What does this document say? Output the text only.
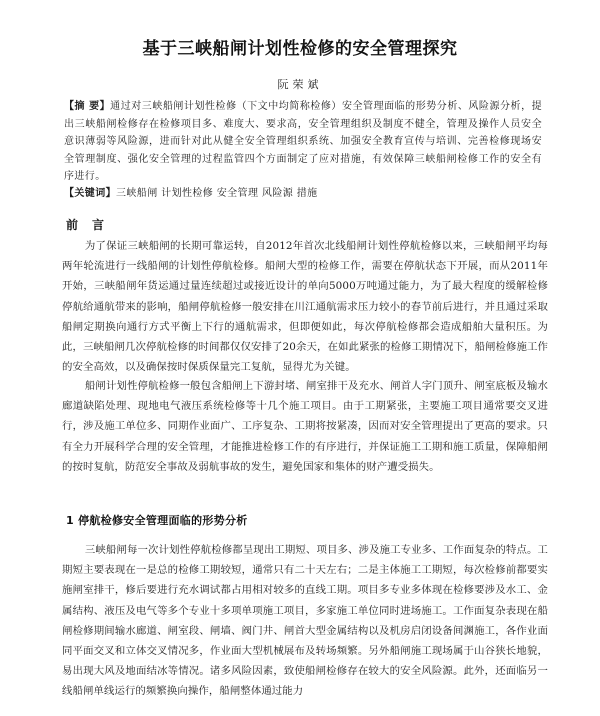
基于三峡船闸计划性检修的安全管理探究
阮荣斌
【摘 要】通过对三峡船闸计划性检修（下文中均简称检修）安全管理面临的形势分析、风险源分析，提出三峡船闸检修存在检修项目多、难度大、要求高，安全管理组织及制度不健全，管理及操作人员安全意识薄弱等风险源，进而针对此从健全安全管理组织系统、加强安全教育宣传与培训、完善检修现场安全管理制度、强化安全管理的过程监管四个方面制定了应对措施，有效保障三峡船闸检修工作的安全有序进行。
【关键词】三峡船闸 计划性检修 安全管理 风险源 措施
前言

为了保证三峡船闸的长期可靠运转，自2012年首次北线船闸计划性停航检修以来，三峡船闸平均每两年轮流进行一线船闸的计划性停航检修。船闸大型的检修工作，需要在停航状态下开展，而从2011年开始，三峡船闸年货运通过量连续超过或接近设计的单向5000万吨通过能力，为了最大程度的缓解检修停航给通航带来的影响，船闸停航检修一般安排在川江通航需求压力较小的春节前后进行，并且通过采取船闸定期换向通行方式平衡上下行的通航需求，但即便如此，每次停航检修都会造成船舶大量积压。为此，三峡船闸几次停航检修的时间都仅仅安排了20余天，在如此紧张的检修工期情况下，船闸检修施工作的安全高效，以及确保按时保质保量完工复航，显得尤为关键。

船闸计划性停航检修一般包含船闸上下游封堵、闸室排干及充水、闸首人字门顶升、闸室底板及输水廊道缺陷处理、现地电气液压系统检修等十几个施工项目。由于工期紧张，主要施工项目通常要交叉进行，涉及施工单位多、同期作业面广、工序复杂、工期将按紧凑，因而对安全管理提出了更高的要求。只有全力开展科学合理的安全管理，才能推进检修工作的有序进行，并保证施工工期和施工质量，保障船闸的按时复航，防范安全事故及弱航事故的发生，避免国家和集体的财产遭受损失。

1 停航检修安全管理面临的形势分析

三峡船闸每一次计划性停航检修都呈现出工期短、项目多、涉及施工专业多、工作面复杂的特点。工期短主要表现在一是总的检修工期较短，通常只有二十天左右；二是主体施工工期短，每次检修前都要实施闸室排干，修后要进行充水调试都占用相对较多的直线工期。项目多专业多体现在检修要涉及水工、金属结构、液压及电气等多个专业十多项单项施工项目，多家施工单位同时进场施工。工作面复杂表现在船闸检修期间输水廊道、闸室段、闸墙、阀门井、闸首大型金属结构以及机房启闭设备间渊施工，各作业面同平面交叉和立体交叉情况多，作业面大型机械展布及转场频繁。另外船闸施工现场属于山谷狭长地貌，易出现大风及地面结冰等情况。诸多风险因素，致使船闸检修存在较大的安全风险源。此外，还面临另一线船闸单线运行的频繁换向操作，船闸整体通过能力
